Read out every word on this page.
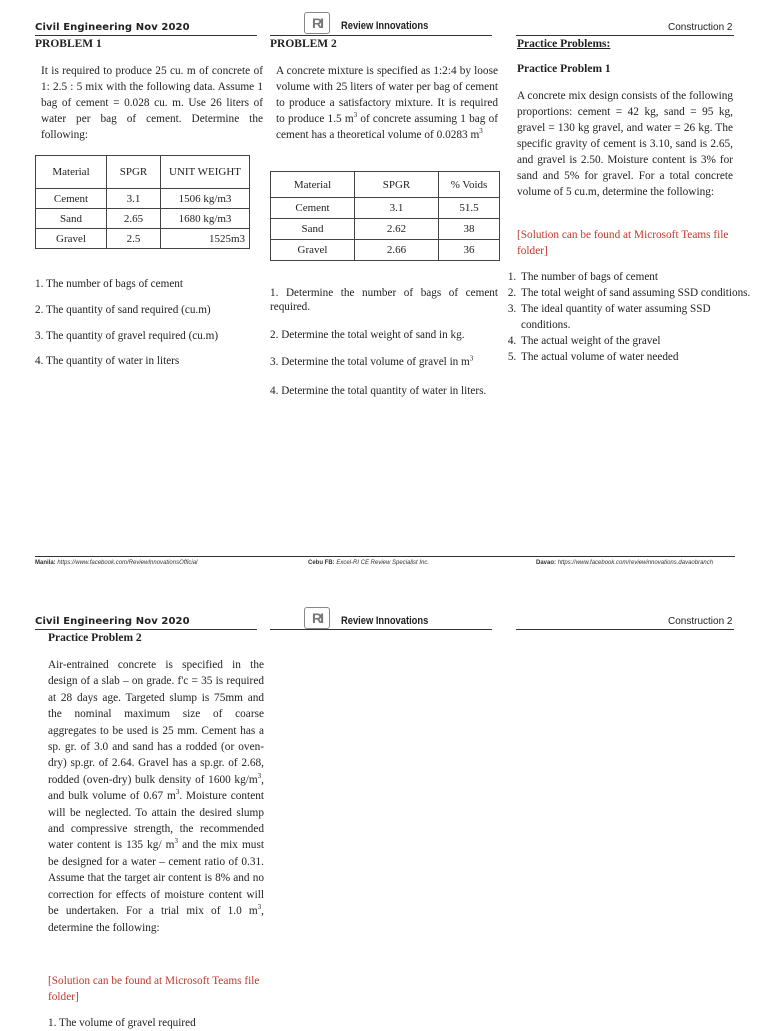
Civil Engineering Nov 2020	RI	Review Innovations	Construction 2
PROBLEM 1
It is required to produce 25 cu. m of concrete of 1: 2.5 : 5 mix with the following data. Assume 1 bag of cement = 0.028 cu. m. Use 26 liters of water per bag of cement. Determine the following:
Material	SPGR	UNIT WEIGHT
Cement	3.1	1506 kg/m3
Sand	2.65	1680 kg/m3
Gravel	2.5	1525m3
1. The number of bags of cement
2. The quantity of sand required (cu.m)
3. The quantity of gravel required (cu.m)
4. The quantity of water in liters
PROBLEM 2
A concrete mixture is specified as 1:2:4 by loose volume with 25 liters of water per bag of cement to produce a satisfactory mixture. It is required to produce 1.5 $m^3$ of concrete assuming 1 bag of cement has a theoretical volume of 0.0283 $m^3$
Material	SPGR	% Voids
Cement	3.1	51.5
Sand	2.62	38
Gravel	2.66	36
1. Determine the number of bags of cement required.
2. Determine the total weight of sand in kg.
3. Determine the total volume of gravel in $m^3$
4. Determine the total quantity of water in liters.
Practice Problems:
Practice Problem 1
A concrete mix design consists of the following proportions: cement = 42 kg, sand = 95 kg, gravel = 130 kg gravel, and water = 26 kg. The specific gravity of cement is 3.10, sand is 2.65, and gravel is 2.50. Moisture content is 3% for sand and 5% for gravel. For a total concrete volume of 5 cu.m, determine the following:
[Solution can be found at Microsoft Teams file folder]
1. The number of bags of cement
2. The total weight of sand assuming SSD conditions.
3. The ideal quantity of water assuming SSD conditions.
4. The actual weight of the gravel
5. The actual volume of water needed
Manila: https://www.facebook.com/ReviewInnovationsOfficial	Cebu FB: Excel-RI CE Review Specialist Inc.	Davao: https://www.facebook.com/reviewinnovations.davaobranch
Civil Engineering Nov 2020	RI	Review Innovations	Construction 2
Practice Problem 2
Air-entrained concrete is specified in the design of a slab – on grade. f'c = 35 is required at 28 days age. Targeted slump is 75mm and the nominal maximum size of coarse aggregates to be used is 25 mm. Cement has a sp. gr. of 3.0 and sand has a rodded (or oven-dry) sp.gr. of 2.64. Gravel has a sp.gr. of 2.68, rodded (oven-dry) bulk density of 1600 $kg/m^3$, and bulk volume of 0.67 $m^3$. Moisture content will be neglected. To attain the desired slump and compressive strength, the recommended water content is 135 kg/ $m^3$ and the mix must be designed for a water – cement ratio of 0.31. Assume that the target air content is 8% and no correction for effects of moisture content will be undertaken. For a trial mix of 1.0 $m^3$, determine the following:
[Solution can be found at Microsoft Teams file folder]
1. The volume of gravel required
